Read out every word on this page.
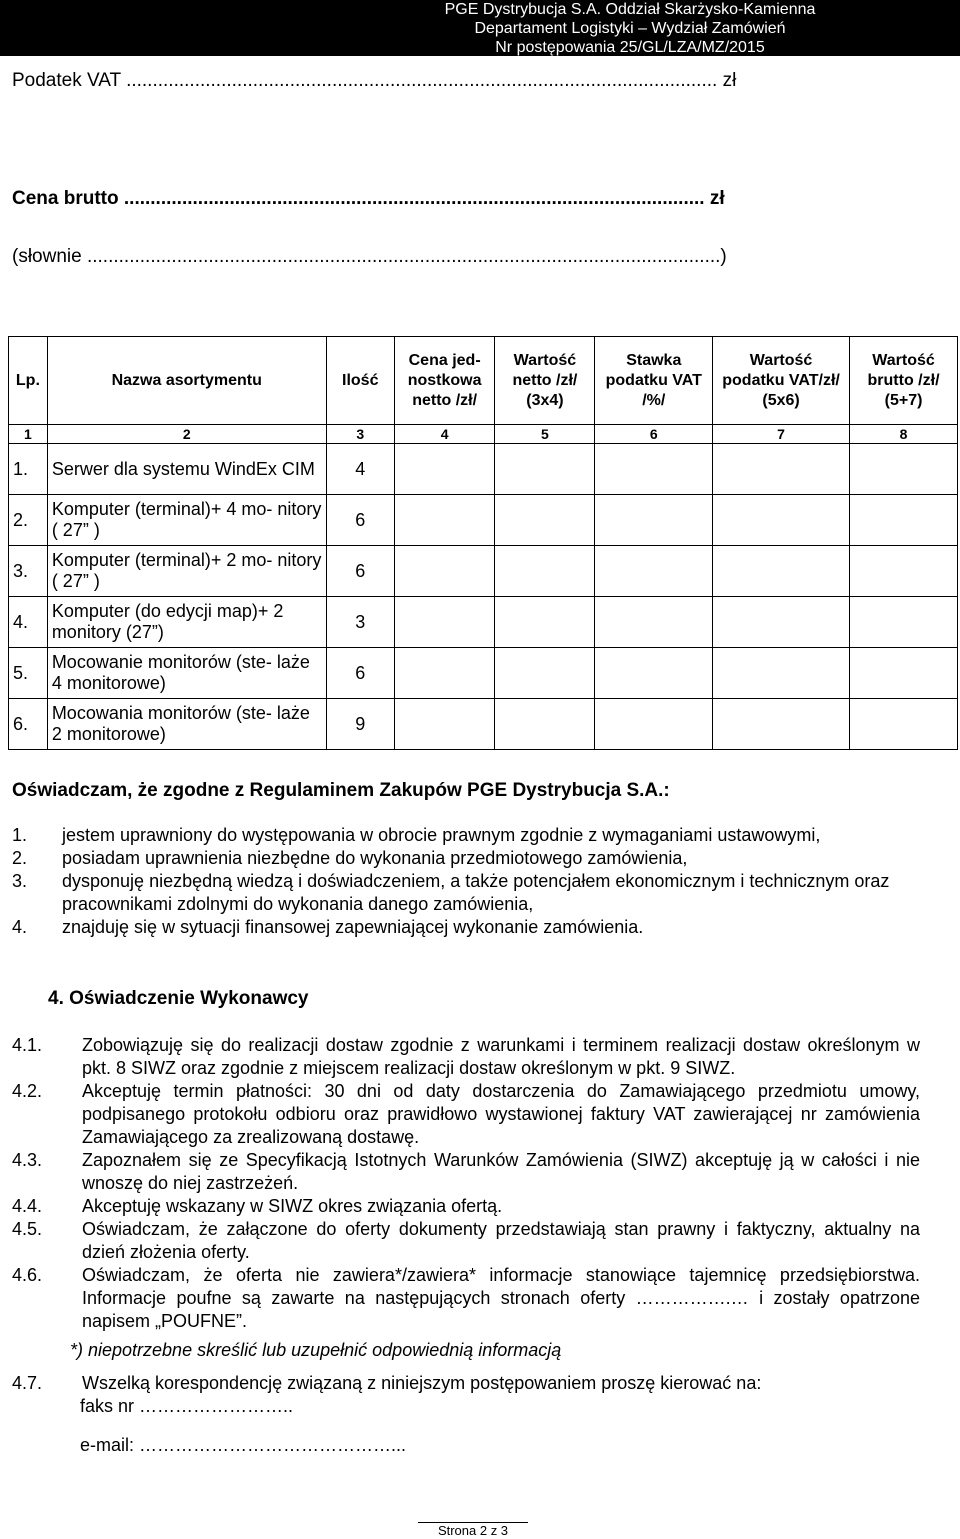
PGE Dystrybucja S.A. Oddział Skarżysko-Kamienna
Departament Logistyki – Wydział Zamówień
Nr postępowania 25/GL/LZA/MZ/2015
Podatek VAT ................................................................................................................ zł
Cena brutto .............................................................................................................. zł
(słownie ........................................................................................................................)
Lp.	Nazwa asortymentu	Ilość	Cena jed- nostkowa netto /zł/	Wartość netto /zł/ (3x4)	Stawka podatku VAT /%/	Wartość podatku VAT/zł/ (5x6)	Wartość brutto /zł/ (5+7)
1	2	3	4	5	6	7	8
1.	Serwer dla systemu WindEx CIM	4					
2.	Komputer (terminal)+ 4 mo- nitory ( 27” )	6					
3.	Komputer (terminal)+ 2 mo- nitory ( 27” )	6					
4.	Komputer (do edycji map)+ 2 monitory (27”)	3					
5.	Mocowanie monitorów (ste- laże 4 monitorowe)	6					
6.	Mocowania monitorów (ste- laże 2 monitorowe)	9					
Oświadczam, że zgodne z Regulaminem Zakupów PGE Dystrybucja S.A.:
1.	jestem uprawniony do występowania w obrocie prawnym zgodnie z wymaganiami ustawowymi,
2.	posiadam uprawnienia niezbędne do wykonania przedmiotowego zamówienia,
3.	dysponuję niezbędną wiedzą i doświadczeniem, a także potencjałem ekonomicznym i technicznym oraz pracownikami zdolnymi do wykonania danego zamówienia,
4.	znajduję się w sytuacji finansowej zapewniającej wykonanie zamówienia.
4. Oświadczenie Wykonawcy
4.1.	Zobowiązuję się do realizacji dostaw zgodnie z warunkami i terminem realizacji dostaw określonym w pkt. 8 SIWZ oraz zgodnie z miejscem realizacji dostaw określonym w pkt. 9 SIWZ.
4.2.	Akceptuję termin płatności: 30 dni od daty dostarczenia do Zamawiającego przedmiotu umowy, podpisanego protokołu odbioru oraz prawidłowo wystawionej faktury VAT zawierającej nr zamówienia Zamawiającego za zrealizowaną dostawę.
4.3.	Zapoznałem się ze Specyfikacją Istotnych Warunków Zamówienia (SIWZ) akceptuję ją w całości i nie wnoszę do niej zastrzeżeń.
4.4.	Akceptuję wskazany w SIWZ okres związania ofertą.
4.5.	Oświadczam, że załączone do oferty dokumenty przedstawiają stan prawny i faktyczny, aktualny na dzień złożenia oferty.
4.6.	Oświadczam, że oferta nie zawiera*/zawiera* informacje stanowiące tajemnicę przedsiębiorstwa. Informacje poufne są zawarte na następujących stronach oferty …………….… i zostały opatrzone napisem „POUFNE”.
*) niepotrzebne skreślić lub uzupełnić odpowiednią informacją
4.7.	Wszelką korespondencję związaną z niniejszym postępowaniem proszę kierować na:
faks nr ……………………..
e-mail: ……………………………………...
Strona 2 z 3
